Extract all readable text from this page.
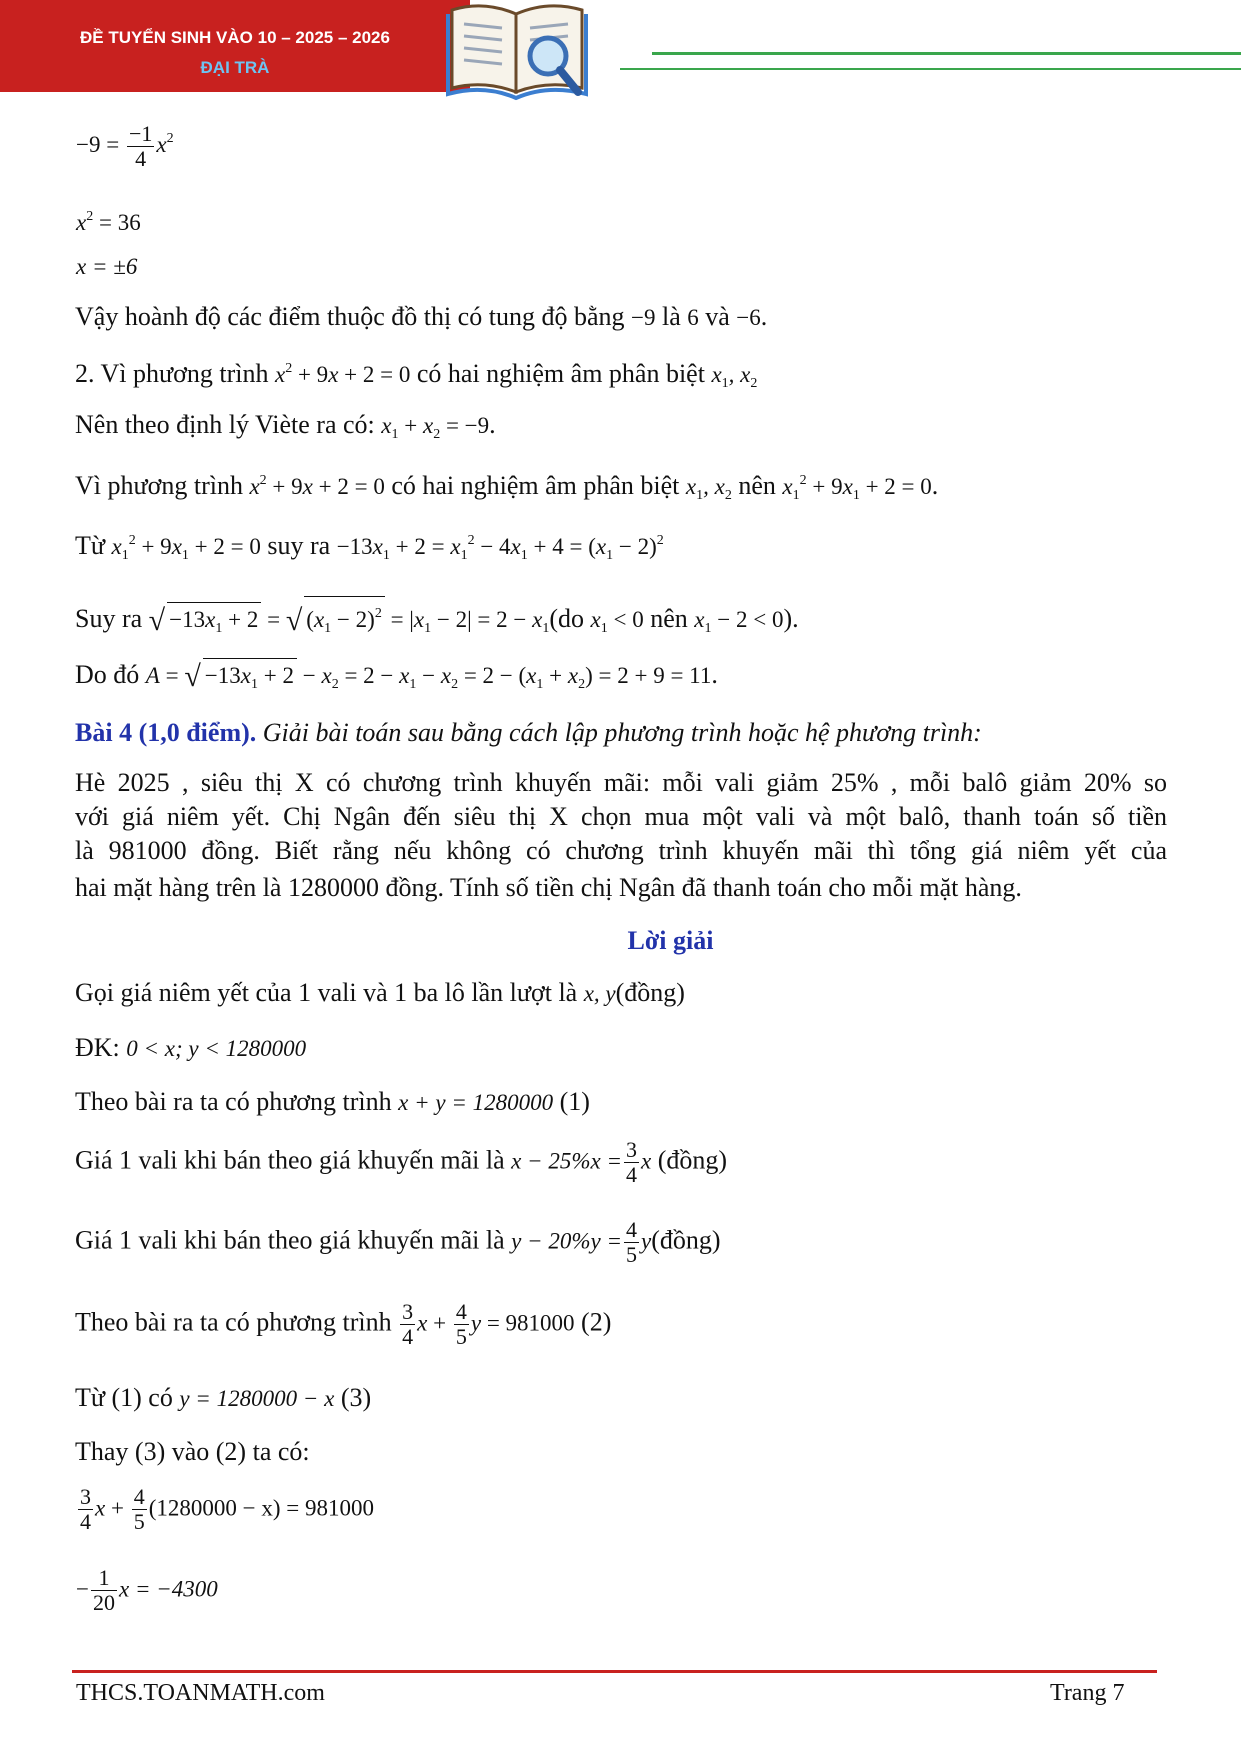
ĐỀ TUYỂN SINH VÀO 10 – 2025 – 2026
ĐẠI TRÀ
$-9 = \frac{-1}{4} x^2$
$x^2 = 36$
x = ±6
Vậy hoành độ các điểm thuộc đồ thị có tung độ bằng −9 là 6 và −6.
2. Vì phương trình $x^2 + 9x + 2 = 0$ có hai nghiệm âm phân biệt $x_1$, $x_2$
Nên theo định lý Viète ra có: $x_1 + x_2 = -9$.
Vì phương trình $x^2 + 9x + 2 = 0$ có hai nghiệm âm phân biệt $x_1$, $x_2$ nên $x_1^2 + 9x_1 + 2 = 0$.
Từ $x_1^2 + 9x_1 + 2 = 0$ suy ra $-13x_1 + 2 = x_1^2 - 4x_1 + 4 = (x_1 - 2)^2$
Suy ra √ $-13x_1 + 2$ = √ $(x_1 - 2)^2 = |x_1 - 2| = 2 - x_1(do$ $x_1 < 0$ nên $x_1 - 2 < 0$).
Do đó A = √ $-13x_1 + 2 - x_2 = 2 - x_1 - x_2 = 2 - (x_1 + x_2) = 2 + 9 = 11$.
Bài 4 (1,0 điểm). Giải bài toán sau bằng cách lập phương trình hoặc hệ phương trình:
Hè 2025 , siêu thị X có chương trình khuyến mãi: mỗi vali giảm 25% , mỗi balô giảm 20% so
với giá niêm yết. Chị Ngân đến siêu thị X chọn mua một vali và một balô, thanh toán số tiền
là 981000 đồng. Biết rằng nếu không có chương trình khuyến mãi thì tổng giá niêm yết của
hai mặt hàng trên là 1280000 đồng. Tính số tiền chị Ngân đã thanh toán cho mỗi mặt hàng.
Lời giải
Gọi giá niêm yết của 1 vali và 1 ba lô lần lượt là x, y(đồng)
ĐK: 0 < x; y < 1280000
Theo bài ra ta có phương trình x + y = 1280000 (1)
Giá 1 vali khi bán theo giá khuyến mãi là $x - 25\%x = \frac{3}{4}$ x (đồng)
Giá 1 vali khi bán theo giá khuyến mãi là $y - 20\%y = \frac{4}{5}$ y(đồng)
Theo bài ra ta có phương trình $\frac{3}{4}$ $x + \frac{4}{5}$ y = 981000 (2)
Từ (1) có y = 1280000 − x (3)
Thay (3) vào (2) ta có:
$\frac{3}{4}$ $x + \frac{4}{5} (1280000 - x) = 981000$
− $\frac{1}{20}$ x = −4300
THCS.TOANMATH.com	Trang 7
